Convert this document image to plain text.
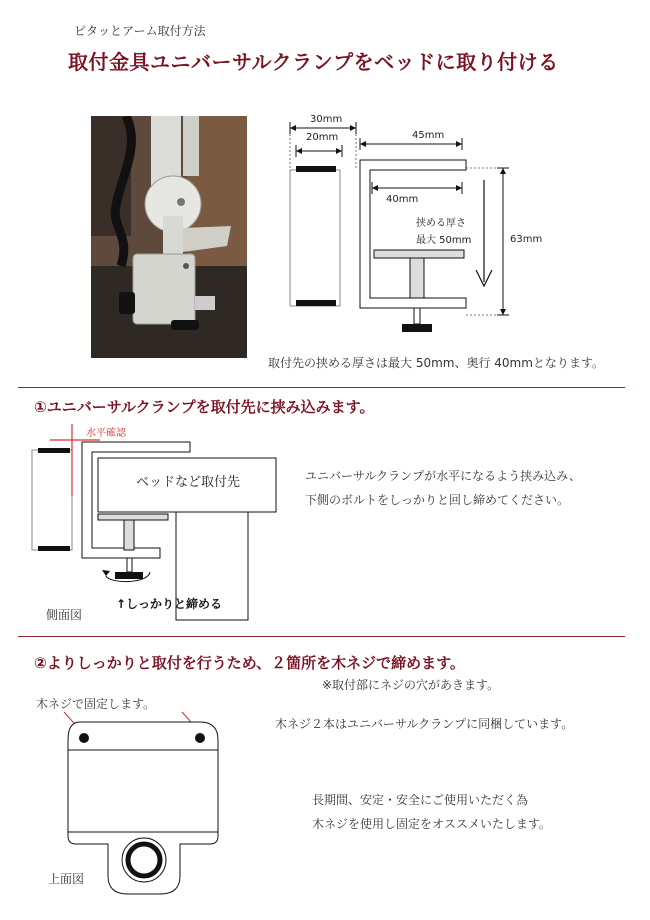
ピタッとアーム取付方法
取付金具ユニバーサルクランプをベッドに取り付ける
30mm
20mm	45mm
40mm
63mm
挟める厚さ
最大 50mm
取付先の挟める厚さは最大 50mm、奥行 40mmとなります。
①ユニバーサルクランプを取付先に挟み込みます。
水平確認
ベッドなど取付先
↑しっかりと締める
側面図
ユニバーサルクランプが水平になるよう挟み込み、
下側のボルトをしっかりと回し締めてください。
②よりしっかりと取付を行うため、２箇所を木ネジで締めます。
※取付部にネジの穴があきます。
木ネジで固定します。
上面図
木ネジ２本はユニバーサルクランプに同梱しています。
長期間、安定・安全にご使用いただく為
木ネジを使用し固定をオススメいたします。
